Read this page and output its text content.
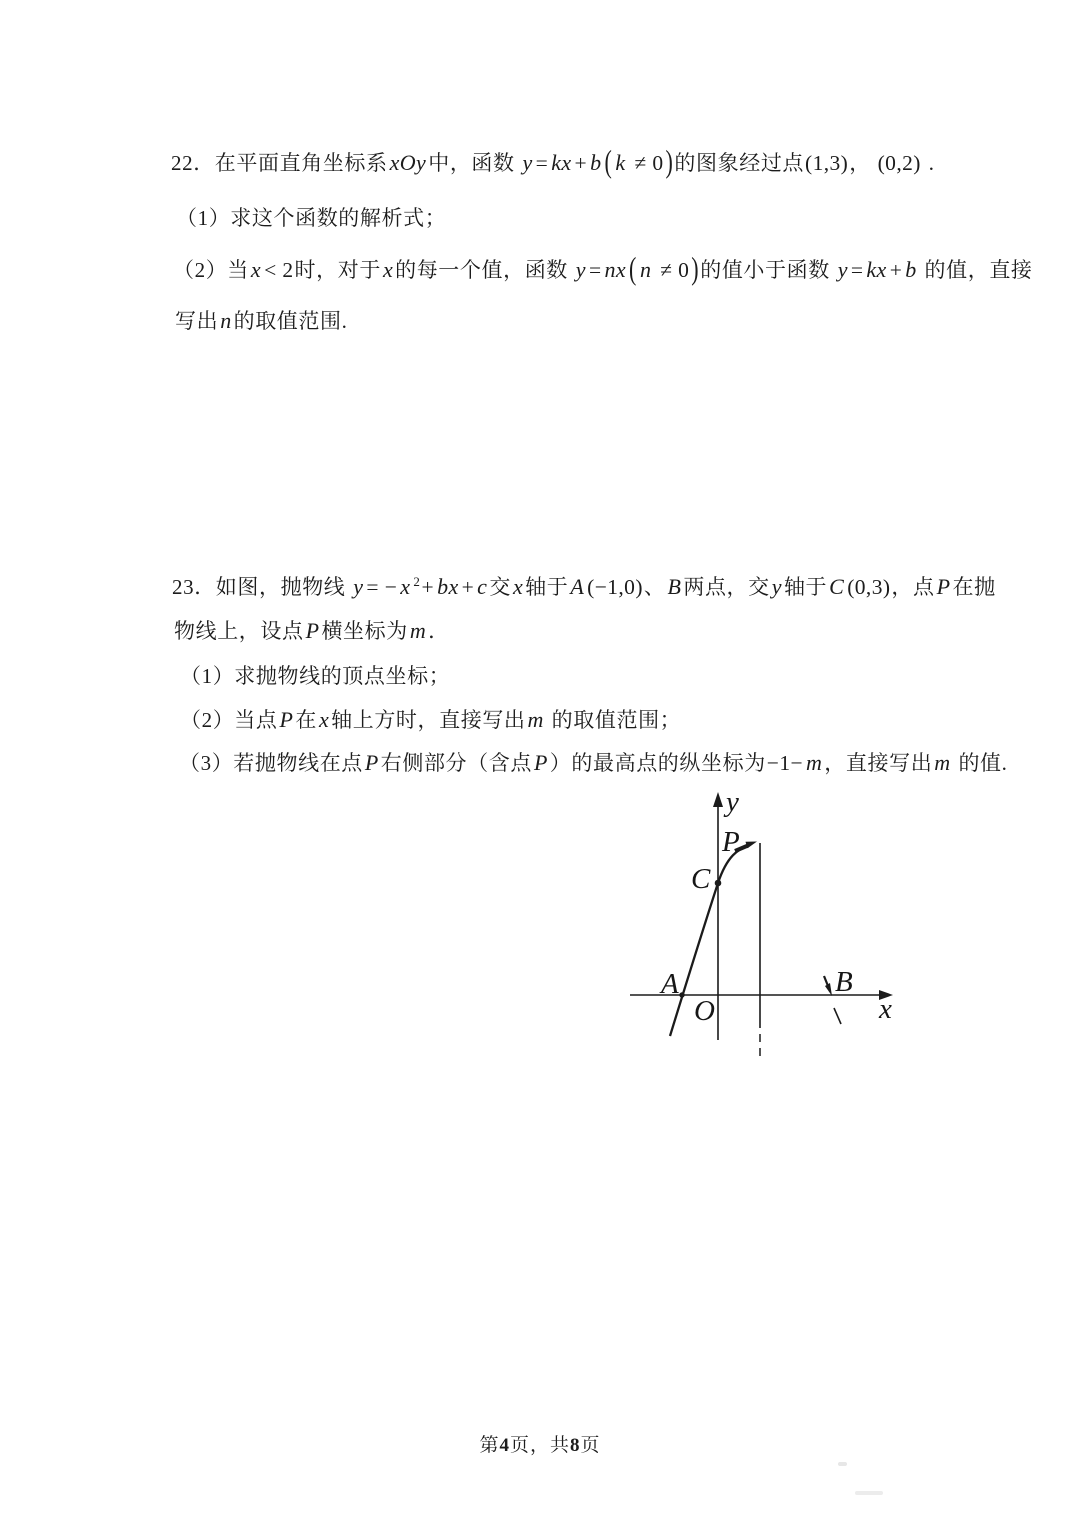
22．在平面直角坐标系xOy中，函数 y = kx + b ( k ≠ 0)的图象经过点(1,3)， (0,2) .

（1）求这个函数的解析式；

（2）当x < 2时，对于x的每一个值，函数 y = nx ( n ≠ 0)的值小于函数 y = kx + b 的值，直接

写出n的取值范围.

23．如图，抛物线 y = − x $^2$+ bx + c交x轴于A (−1,0)、B两点，交y轴于C (0,3)，点P在抛

物线上，设点P横坐标为m．

（1）求抛物线的顶点坐标；

（2）当点P在x轴上方时，直接写出m 的取值范围；

（3）若抛物线在点P右侧部分（含点P）的最高点的纵坐标为−1− m，直接写出m 的值.

y
x
O
A	B
C
P
第4页，共8页
